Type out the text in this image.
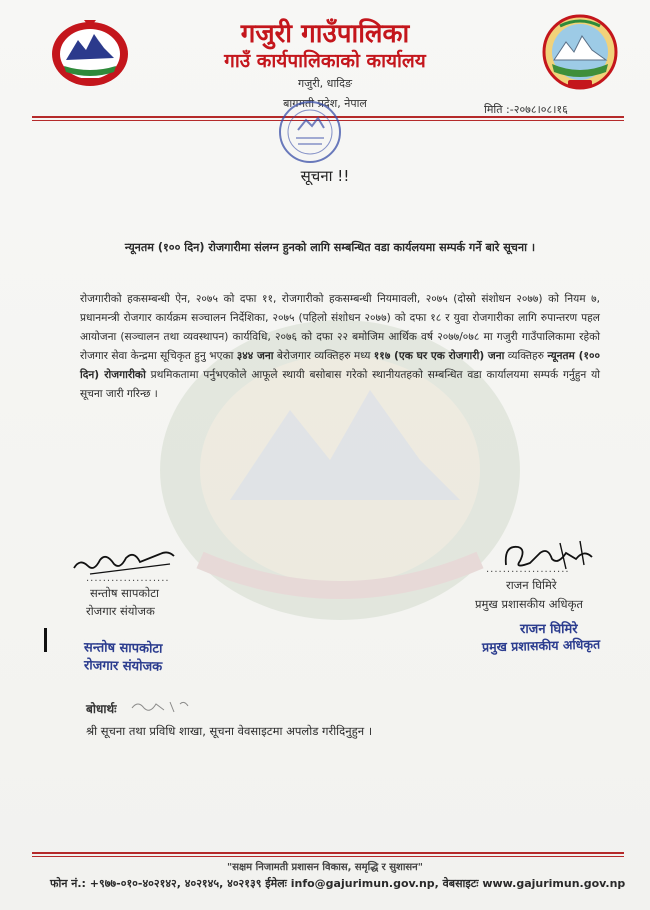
गजुरी गाउँपालिका
गाउँ कार्यपालिकाको कार्यालय
गजुरी, धादिङ
बागमती प्रदेश, नेपाल	मिति :-२०७८।०८।१६
सूचना !!
न्यूनतम (१०० दिन) रोजगारीमा संलग्न हुनको लागि सम्बन्धित वडा कार्यलयमा सम्पर्क गर्ने बारे सूचना ।
रोजगारीको हकसम्बन्धी ऐन, २०७५ को दफा ११, रोजगारीको हकसम्बन्धी नियमावली, २०७५ (दोस्रो संशोधन २०७७) को नियम ७, प्रधानमन्त्री रोजगार कार्यक्रम सञ्चालन निर्देशिका, २०७५ (पहिलो संशोधन २०७७) को दफा १८ र युवा रोजगारीका लागि रुपान्तरण पहल आयोजना (सञ्चालन तथा व्यवस्थापन) कार्यविधि, २०७६ को दफा २२ बमोजिम आर्थिक वर्ष २०७७/०७८ मा गजुरी गाउँपालिकामा रहेको रोजगार सेवा केन्द्रमा सूचिकृत हुनु भएका ३४४ जना बेरोजगार व्यक्तिहरु मध्य ११७ (एक घर एक रोजगारी) जना व्यक्तिहरु न्यूनतम (१०० दिन) रोजगारीको प्रथमिकतामा पर्नुभएकोले आफूले स्थायी बसोबास गरेको स्थानीयतहको सम्बन्धित वडा कार्यालयमा सम्पर्क गर्नुहुन यो सूचना जारी गरिन्छ ।
....................
....................
सन्तोष सापकोटा
रोजगार संयोजक
राजन घिमिरे
प्रमुख प्रशासकीय अधिकृत
सन्तोष सापकोटा
रोजगार संयोजक
राजन घिमिरे
प्रमुख प्रशासकीय अधिकृत
बोधार्थः
श्री सूचना तथा प्रविधि शाखा, सूचना वेवसाइटमा अपलोड गरीदिनुहुन ।
"सक्षम निजामती प्रशासन विकास, समृद्धि र सुशासन"
फोन नं.: +९७७-०१०-४०२१४२, ४०२१४५, ४०२१३९ ईमेलः info@gajurimun.gov.np, वेबसाइटः www.gajurimun.gov.np
